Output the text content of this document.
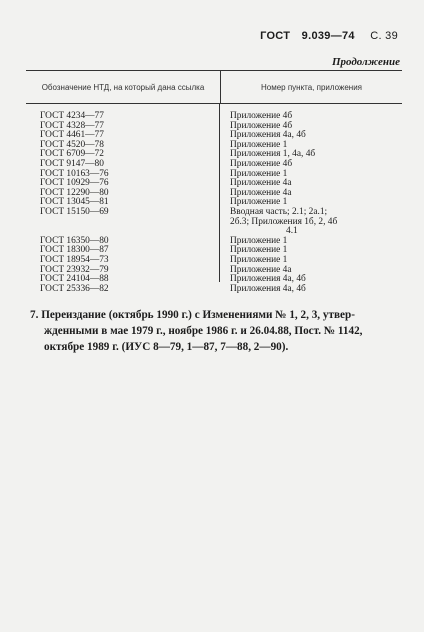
ГОСТ 9.039—74 С. 39
Продолжение
Обозначение НТД, на который дана ссылка	Номер пункта, приложения
ГОСТ 4234—77
ГОСТ 4328—77
ГОСТ 4461—77
ГОСТ 4520—78
ГОСТ 6709—72
ГОСТ 9147—80
ГОСТ 10163—76
ГОСТ 10929—76
ГОСТ 12290—80
ГОСТ 13045—81
ГОСТ 15150—69
ГОСТ 16350—80
ГОСТ 18300—87
ГОСТ 18954—73
ГОСТ 23932—79
ГОСТ 24104—88
ГОСТ 25336—82
Приложение 4б
Приложение 4б
Приложения 4а, 4б
Приложение 1
Приложения 1, 4а, 4б
Приложение 4б
Приложение 1
Приложение 4а
Приложение 4а
Приложение 1
Вводная часть; 2.1; 2а.1;
2б.3; Приложения 1б, 2, 4б
4.1
Приложение 1
Приложение 1
Приложение 1
Приложение 4а
Приложения 4а, 4б
Приложения 4а, 4б
7. Переиздание (октябрь 1990 г.) с Изменениями № 1, 2, 3, утвер-
жденными в мае 1979 г., ноябре 1986 г. и 26.04.88, Пост. № 1142,
октябре 1989 г. (ИУС 8—79, 1—87, 7—88, 2—90).
